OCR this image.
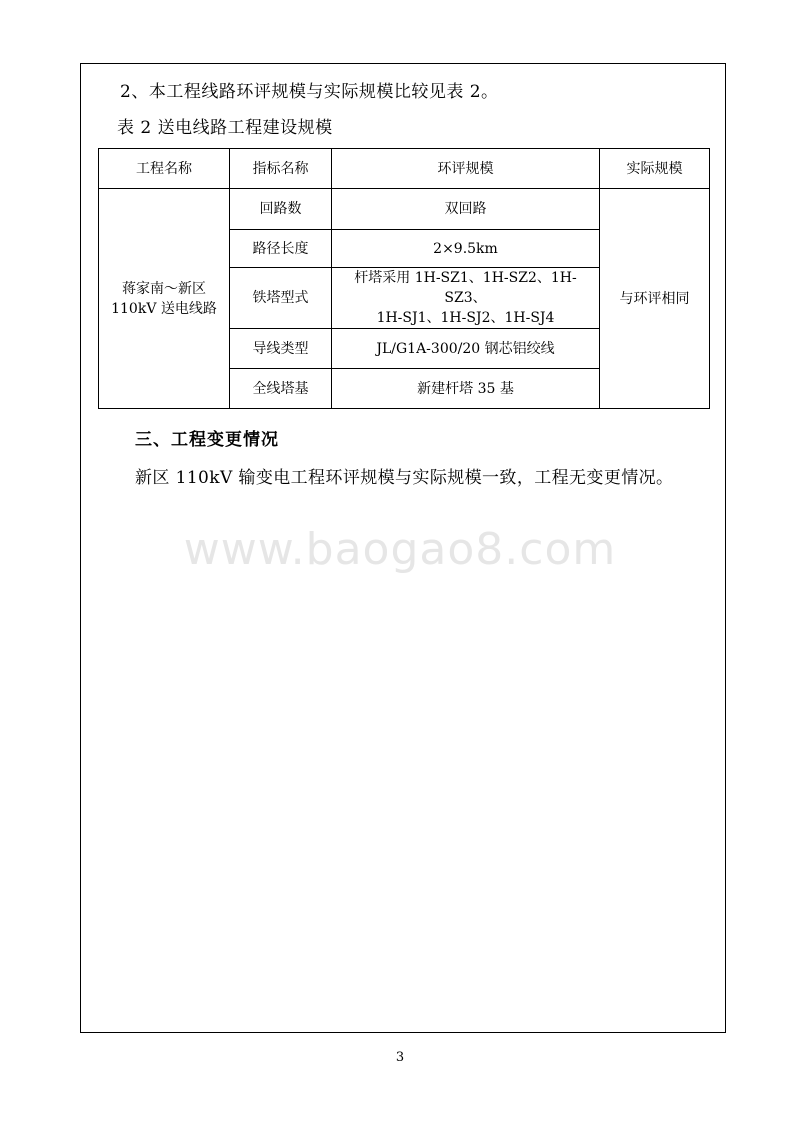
2、本工程线路环评规模与实际规模比较见表 2。
表 2 送电线路工程建设规模
工程名称	指标名称	环评规模	实际规模

蒋家南～新区
110kV 送电线路	回路数	双回路	与环评相同
	路径长度	2×9.5km	
	铁塔型式	杆塔采用 1H-SZ1、1H-SZ2、1H-SZ3、
1H-SJ1、1H-SJ2、1H-SJ4	

	导线类型	JL/G1A-300/20 钢芯铝绞线	
	全线塔基	新建杆塔 35 基	
三、工程变更情况
新区 110kV 输变电工程环评规模与实际规模一致，工程无变更情况。
www.baogao8.com
3
